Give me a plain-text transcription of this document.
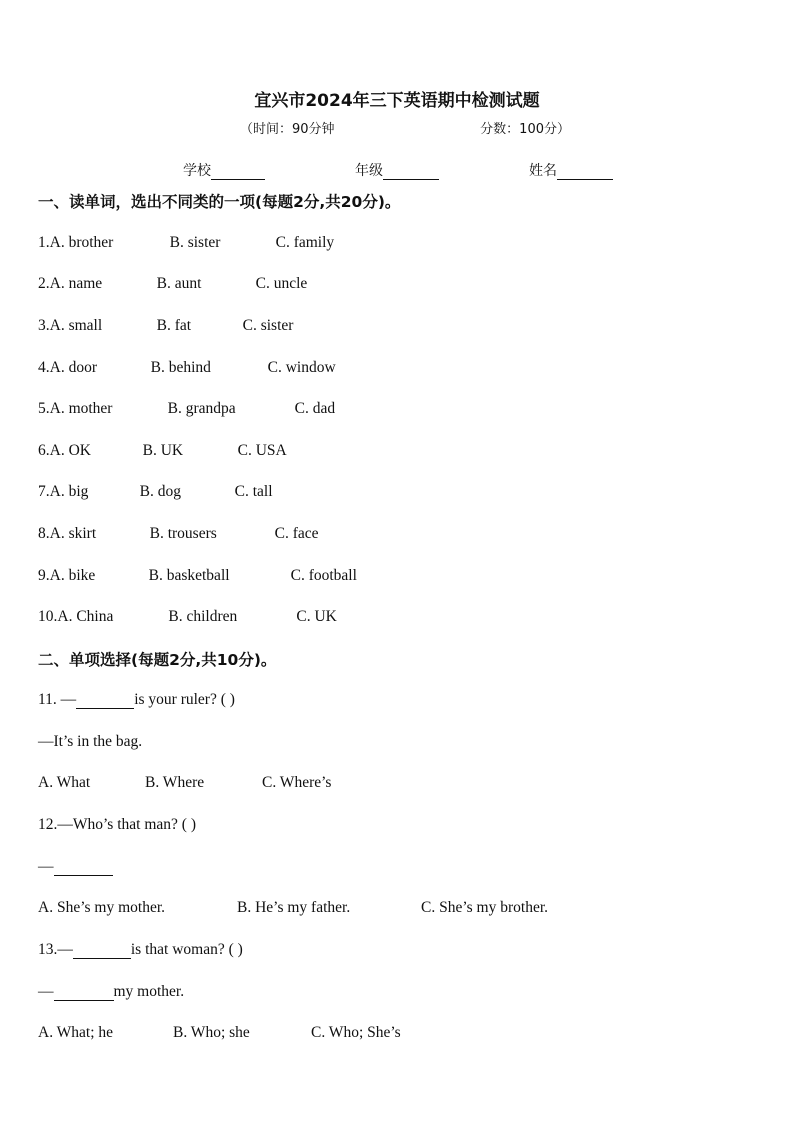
宜兴市2024年三下英语期中检测试题
（时间：90分钟	分数：100分）
学校	年级	姓名
一、读单词，选出不同类的一项(每题2分,共20分)。
1.A. brother	B. sister	C. family
2.A. name	B. aunt	C. uncle
3.A. small	B. fat	C. sister
4.A. door	B. behind	C. window
5.A. mother	B. grandpa	C. dad
6.A. OK	B. UK	C. USA
7.A. big	B. dog	C. tall
8.A. skirt	B. trousers	C. face
9.A. bike	B. basketball	C. football
10.A. China	B. children	C. UK
二、单项选择(每题2分,共10分)。
11. —	is your ruler? ( )
—It’s in the bag.
A. What	B. Where	C. Where’s
12.—Who’s that man? ( )
—
A. She’s my mother.	B. He’s my father.	C. She’s my brother.
13.—	is that woman? ( )
—	my mother.
A. What; he	B. Who; she	C. Who; She’s
